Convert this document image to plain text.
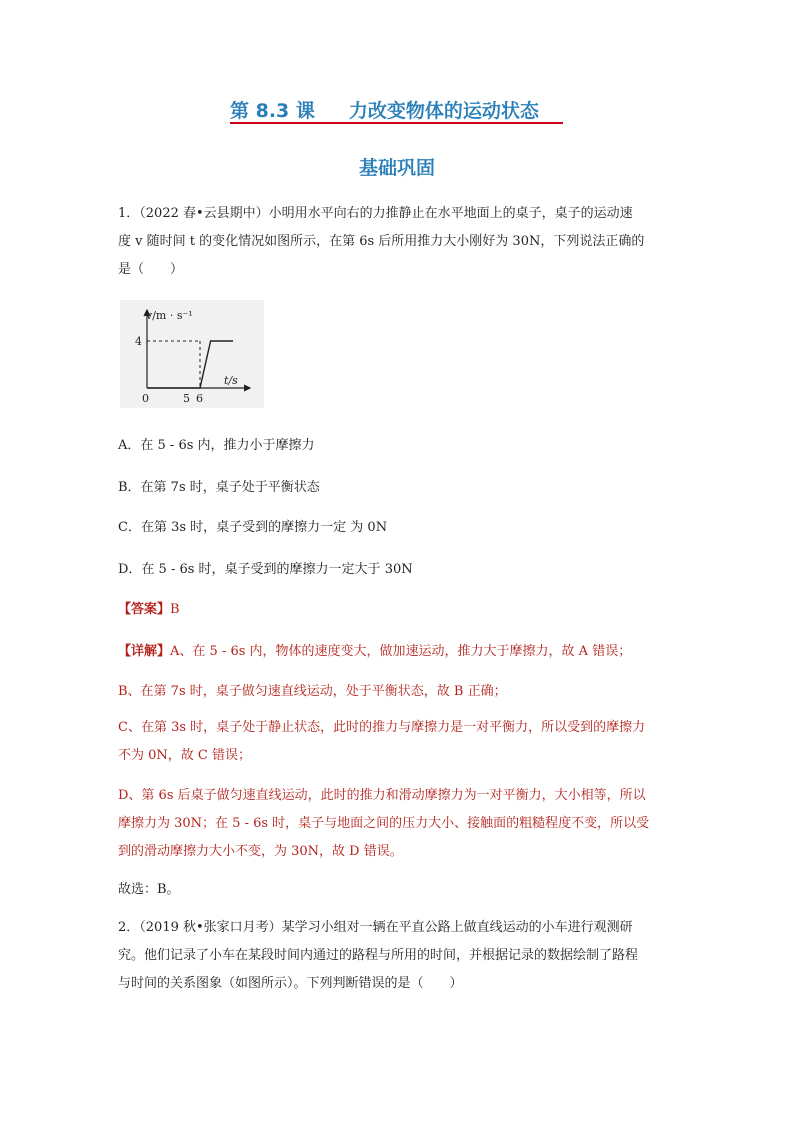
第 8.3 课 力改变物体的运动状态
基础巩固
1．（2022 春•云县期中）小明用水平向右的力推静止在水平地面上的桌子，桌子的运动速
度 v 随时间 t 的变化情况如图所示，在第 6s 后所用推力大小刚好为 30N，下列说法正确的
是（　　）
v/m · s⁻¹
t/s
4
0	5 6
A．在 5 - 6s 内，推力小于摩擦力
B．在第 7s 时，桌子处于平衡状态
C．在第 3s 时，桌子受到的摩擦力一定 为 0N
D．在 5 - 6s 时，桌子受到的摩擦力一定大于 30N
【答案】B
【详解】A、在 5 - 6s 内，物体的速度变大，做加速运动，推力大于摩擦力，故 A 错误；
B、在第 7s 时，桌子做匀速直线运动，处于平衡状态，故 B 正确；
C、在第 3s 时，桌子处于静止状态，此时的推力与摩擦力是一对平衡力，所以受到的摩擦力
不为 0N，故 C 错误；
D、第 6s 后桌子做匀速直线运动，此时的推力和滑动摩擦力为一对平衡力，大小相等，所以
摩擦力为 30N；在 5 - 6s 时，桌子与地面之间的压力大小、接触面的粗糙程度不变，所以受
到的滑动摩擦力大小不变，为 30N，故 D 错误。
故选：B。
2．（2019 秋•张家口月考）某学习小组对一辆在平直公路上做直线运动的小车进行观测研
究。他们记录了小车在某段时间内通过的路程与所用的时间，并根据记录的数据绘制了路程
与时间的关系图象（如图所示）。下列判断错误的是（　　）
